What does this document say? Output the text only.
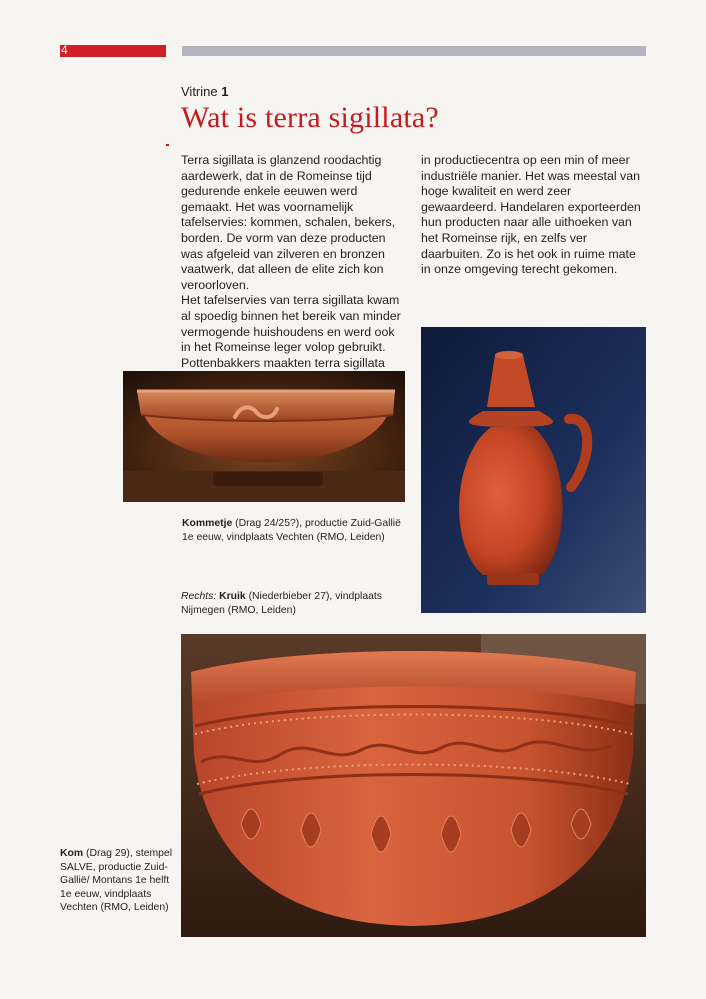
4
Vitrine 1
Wat is terra sigillata?

Terra sigillata is glanzend roodachtig aardewerk, dat in de Romeinse tijd gedurende enkele eeuwen werd gemaakt. Het was voornamelijk tafelservies: kommen, schalen, bekers, borden. De vorm van deze producten was afgeleid van zilveren en bronzen vaatwerk, dat alleen de elite zich kon veroorloven.

Het tafelservies van terra sigillata kwam al spoedig binnen het bereik van minder vermogende huishoudens en werd ook in het Romeinse leger volop gebruikt. Pottenbakkers maakten terra sigillata

in productiecentra op een min of meer industriële manier. Het was meestal van hoge kwaliteit en werd zeer gewaardeerd. Handelaren exporteerden hun producten naar alle uithoeken van het Romeinse rijk, en zelfs ver daarbuiten. Zo is het ook in ruime mate in onze omgeving terecht gekomen.

Kommetje (Drag 24/25?), productie Zuid-Gallië 1e eeuw, vindplaats Vechten (RMO, Leiden)
Rechts: Kruik (Niederbieber 27), vindplaats Nijmegen (RMO, Leiden)
Kom (Drag 29), stempel SALVE, productie Zuid-Gallië/ Montans 1e helft 1e eeuw, vindplaats Vechten (RMO, Leiden)
